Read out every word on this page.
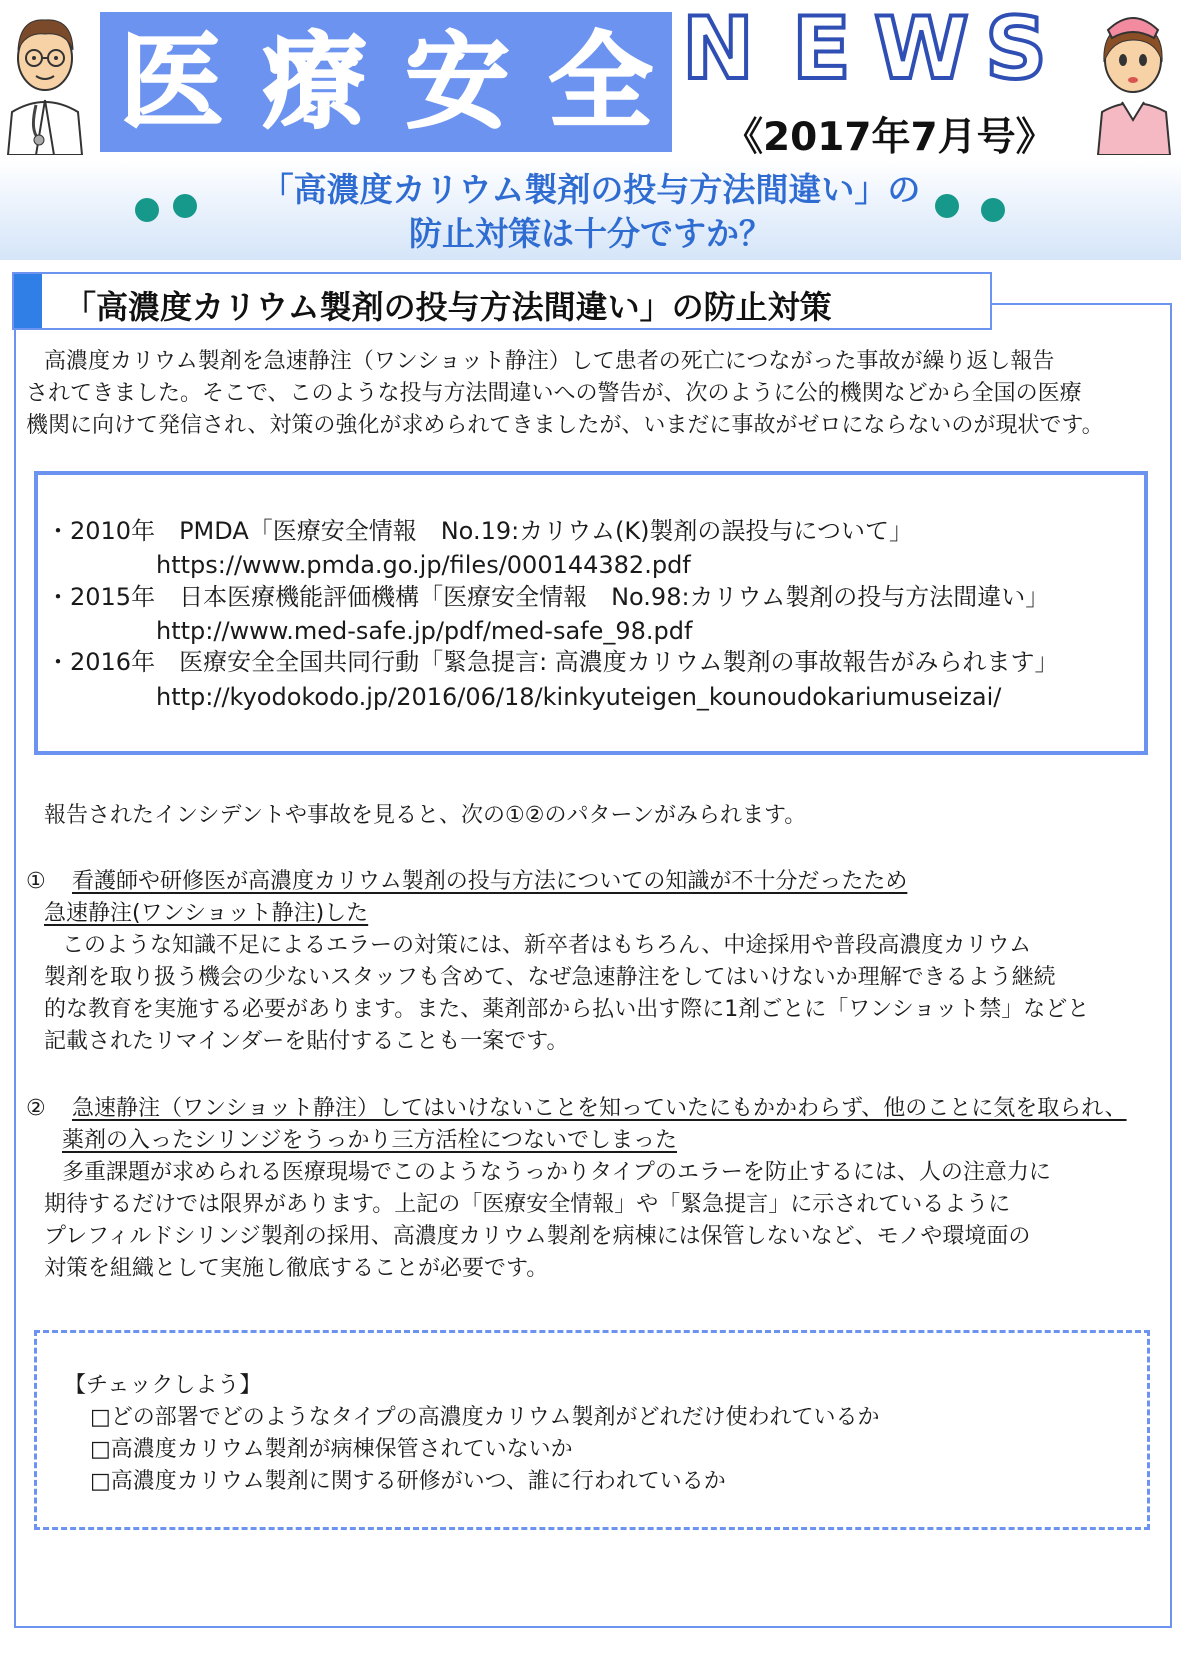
医 療 安 全 N E W S
《2017年7月号》
「高濃度カリウム製剤の投与方法間違い」の
防止対策は十分ですか？
「高濃度カリウム製剤の投与方法間違い」の防止対策
　高濃度カリウム製剤を急速静注（ワンショット静注）して患者の死亡につながった事故が繰り返し報告
されてきました。そこで、このような投与方法間違いへの警告が、次のように公的機関などから全国の医療
機関に向けて発信され、対策の強化が求められてきましたが、いまだに事故がゼロにならないのが現状です。
・2010年　PMDA「医療安全情報　No.19:カリウム(K)製剤の誤投与について」
https://www.pmda.go.jp/files/000144382.pdf
・2015年　日本医療機能評価機構「医療安全情報　No.98:カリウム製剤の投与方法間違い」
http://www.med-safe.jp/pdf/med-safe_98.pdf
・2016年　医療安全全国共同行動「緊急提言: 高濃度カリウム製剤の事故報告がみられます」
http://kyodokodo.jp/2016/06/18/kinkyuteigen_kounoudokariumuseizai/
報告されたインシデントや事故を見ると、次の①②のパターンがみられます。
① 看護師や研修医が高濃度カリウム製剤の投与方法についての知識が不十分だったため
急速静注(ワンショット静注)した
　このような知識不足によるエラーの対策には、新卒者はもちろん、中途採用や普段高濃度カリウム
製剤を取り扱う機会の少ないスタッフも含めて、なぜ急速静注をしてはいけないか理解できるよう継続
的な教育を実施する必要があります。また、薬剤部から払い出す際に1剤ごとに「ワンショット禁」などと
記載されたリマインダーを貼付することも一案です。
② 急速静注（ワンショット静注）してはいけないことを知っていたにもかかわらず、他のことに気を取られ、
薬剤の入ったシリンジをうっかり三方活栓につないでしまった
　多重課題が求められる医療現場でこのようなうっかりタイプのエラーを防止するには、人の注意力に
期待するだけでは限界があります。上記の「医療安全情報」や「緊急提言」に示されているように
プレフィルドシリンジ製剤の採用、高濃度カリウム製剤を病棟には保管しないなど、モノや環境面の
対策を組織として実施し徹底することが必要です。
【チェックしよう】
□どの部署でどのようなタイプの高濃度カリウム製剤がどれだけ使われているか
□高濃度カリウム製剤が病棟保管されていないか
□高濃度カリウム製剤に関する研修がいつ、誰に行われているか
